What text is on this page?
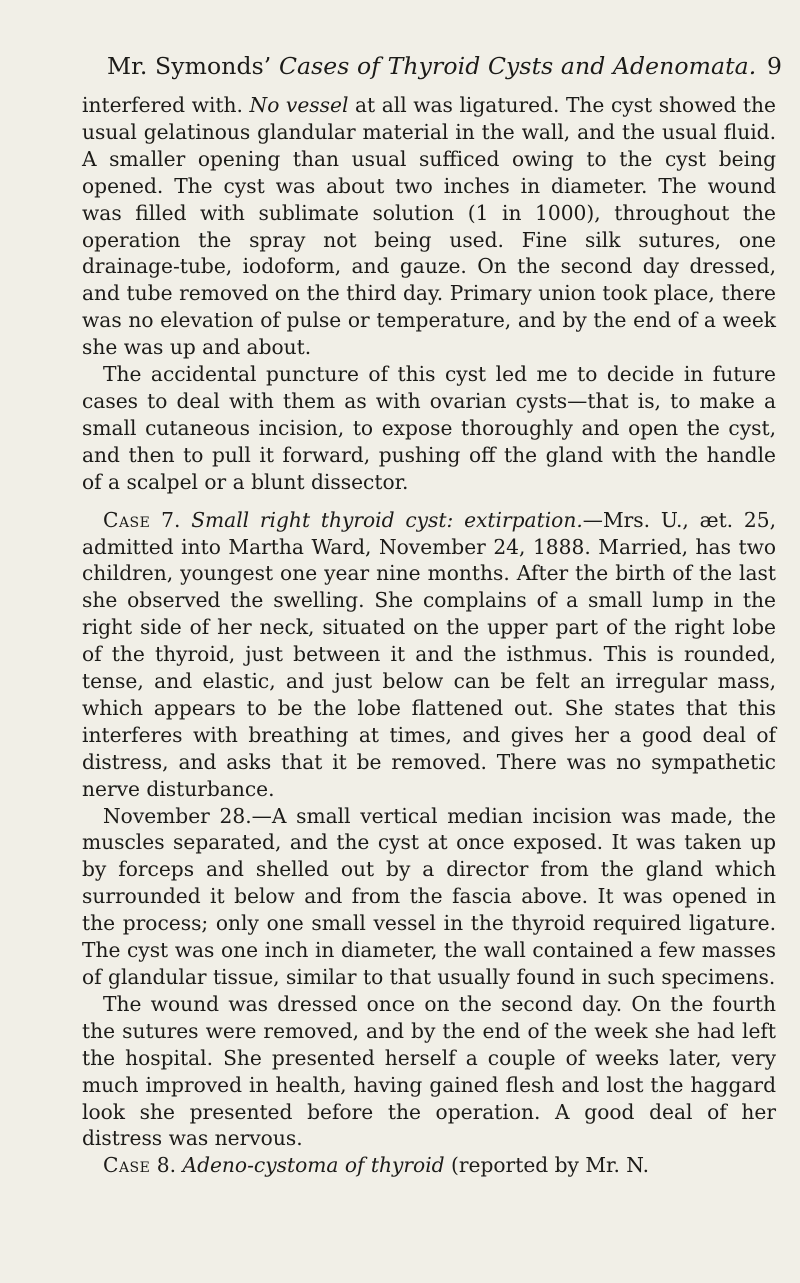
Mr. Symonds’ Cases of Thyroid Cysts and Adenomata. 9

interfered with. No vessel at all was ligatured. The cyst showed the usual gelatinous glandular material in the wall, and the usual fluid. A smaller opening than usual sufficed owing to the cyst being opened. The cyst was about two inches in diameter. The wound was filled with sublimate solution (1 in 1000), throughout the operation the spray not being used. Fine silk sutures, one drainage-tube, iodoform, and gauze. On the second day dressed, and tube removed on the third day. Primary union took place, there was no elevation of pulse or temperature, and by the end of a week she was up and about.

The accidental puncture of this cyst led me to decide in future cases to deal with them as with ovarian cysts—that is, to make a small cutaneous incision, to expose thoroughly and open the cyst, and then to pull it forward, pushing off the gland with the handle of a scalpel or a blunt dissector.

Case 7. Small right thyroid cyst: extirpation.—Mrs. U., æt. 25, admitted into Martha Ward, November 24, 1888. Married, has two children, youngest one year nine months. After the birth of the last she observed the swelling. She complains of a small lump in the right side of her neck, situated on the upper part of the right lobe of the thyroid, just between it and the isthmus. This is rounded, tense, and elastic, and just below can be felt an irregular mass, which appears to be the lobe flattened out. She states that this interferes with breathing at times, and gives her a good deal of distress, and asks that it be removed. There was no sympathetic nerve disturbance.

November 28.—A small vertical median incision was made, the muscles separated, and the cyst at once exposed. It was taken up by forceps and shelled out by a director from the gland which surrounded it below and from the fascia above. It was opened in the process; only one small vessel in the thyroid required ligature. The cyst was one inch in diameter, the wall contained a few masses of glandular tissue, similar to that usually found in such specimens.

The wound was dressed once on the second day. On the fourth the sutures were removed, and by the end of the week she had left the hospital. She presented herself a couple of weeks later, very much improved in health, having gained flesh and lost the haggard look she presented before the operation. A good deal of her distress was nervous.

Case 8. Adeno-cystoma of thyroid (reported by Mr. N.
